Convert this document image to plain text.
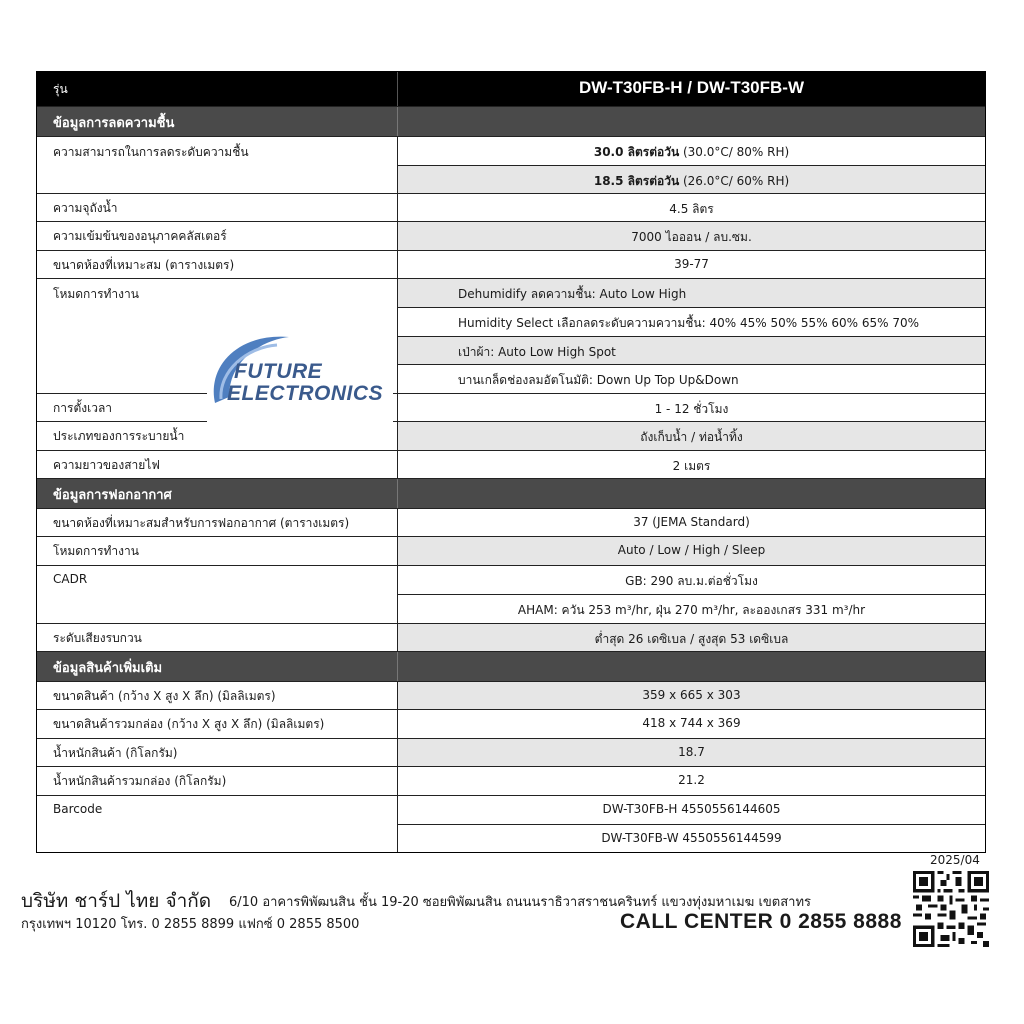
รุ่น	DW-T30FB-H / DW-T30FB-W
ข้อมูลการลดความชื้น
ความสามารถในการลดระดับความชื้น	30.0 ลิตรต่อวัน (30.0°C/ 80% RH)
18.5 ลิตรต่อวัน (26.0°C/ 60% RH)
ความจุถังน้ำ	4.5 ลิตร
ความเข้มข้นของอนุภาคคลัสเตอร์	7000 ไอออน / ลบ.ซม.
ขนาดห้องที่เหมาะสม (ตารางเมตร)	39-77
โหมดการทำงาน	Dehumidify ลดความชื้น: Auto Low High
Humidity Select เลือกลดระดับความความชื้น: 40% 45% 50% 55% 60% 65% 70%
เป่าผ้า: Auto Low High Spot
บานเกล็ดช่องลมอัตโนมัติ: Down Up Top Up&Down
การตั้งเวลา	1 - 12 ชั่วโมง
ประเภทของการระบายน้ำ	ถังเก็บน้ำ / ท่อน้ำทิ้ง
ความยาวของสายไฟ	2 เมตร
ข้อมูลการฟอกอากาศ
ขนาดห้องที่เหมาะสมสำหรับการฟอกอากาศ (ตารางเมตร)	37 (JEMA Standard)
โหมดการทำงาน	Auto / Low / High / Sleep
CADR	GB: 290 ลบ.ม.ต่อชั่วโมง
AHAM: ควัน 253 m³/hr, ฝุ่น 270 m³/hr, ละอองเกสร 331 m³/hr
ระดับเสียงรบกวน	ต่ำสุด 26 เดซิเบล / สูงสุด 53 เดซิเบล
ข้อมูลสินค้าเพิ่มเติม
ขนาดสินค้า (กว้าง X สูง X ลึก) (มิลลิเมตร)	359 x 665 x 303
ขนาดสินค้ารวมกล่อง (กว้าง X สูง X ลึก) (มิลลิเมตร)	418 x 744 x 369
น้ำหนักสินค้า (กิโลกรัม)	18.7
น้ำหนักสินค้ารวมกล่อง (กิโลกรัม)	21.2
Barcode	DW-T30FB-H 4550556144605
DW-T30FB-W 4550556144599
FUTURE
ELECTRONICS
2025/04
บริษัท ชาร์ป ไทย จำกัด 6/10 อาคารพิพัฒนสิน ชั้น 19-20 ซอยพิพัฒนสิน ถนนนราธิวาสราชนครินทร์ แขวงทุ่งมหาเมฆ เขตสาทร
กรุงเทพฯ 10120 โทร. 0 2855 8899 แฟกซ์ 0 2855 8500	CALL CENTER 0 2855 8888
